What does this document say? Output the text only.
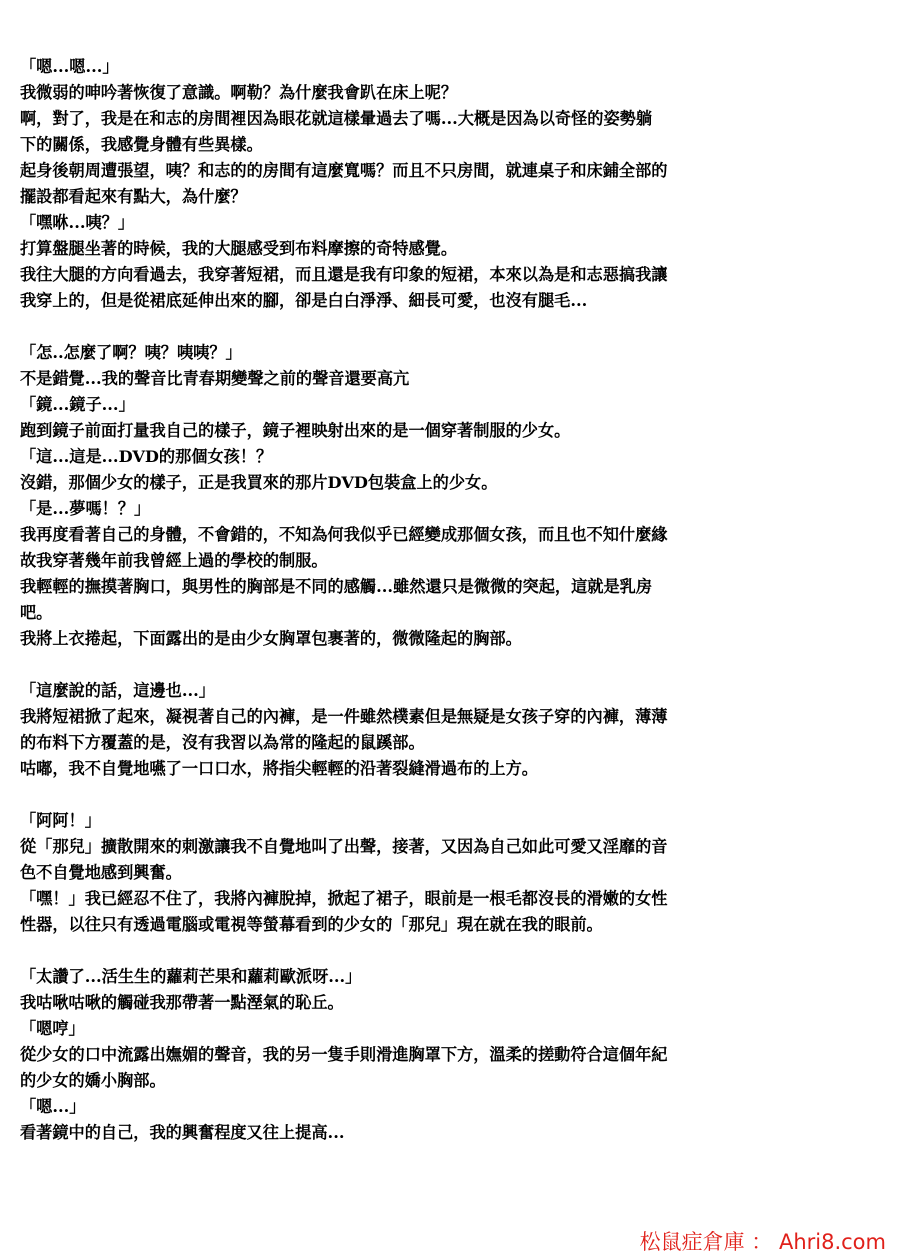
「嗯...嗯...」
我微弱的呻吟著恢復了意識。啊勒？為什麼我會趴在床上呢？
啊，對了，我是在和志的房間裡因為眼花就這樣暈過去了嗎...大概是因為以奇怪的姿勢躺
下的關係，我感覺身體有些異樣。
起身後朝周遭張望，咦？和志的的房間有這麼寬嗎？而且不只房間，就連桌子和床鋪全部的
擺設都看起來有點大，為什麼？
「嘿咻...咦？」
打算盤腿坐著的時候，我的大腿感受到布料摩擦的奇特感覺。
我往大腿的方向看過去，我穿著短裙，而且還是我有印象的短裙，本來以為是和志惡搞我讓
我穿上的，但是從裙底延伸出來的腳，卻是白白淨淨、細長可愛，也沒有腿毛...
「怎..怎麼了啊？咦？咦咦？」
不是錯覺...我的聲音比青春期變聲之前的聲音還要高亢
「鏡...鏡子...」
跑到鏡子前面打量我自己的樣子，鏡子裡映射出來的是一個穿著制服的少女。
「這...這是...DVD的那個女孩！？
沒錯，那個少女的樣子，正是我買來的那片DVD包裝盒上的少女。
「是...夢嗎！？」
我再度看著自己的身體，不會錯的，不知為何我似乎已經變成那個女孩，而且也不知什麼緣
故我穿著幾年前我曾經上過的學校的制服。
我輕輕的撫摸著胸口，與男性的胸部是不同的感觸...雖然還只是微微的突起，這就是乳房
吧。
我將上衣捲起，下面露出的是由少女胸罩包裹著的，微微隆起的胸部。
「這麼說的話，這邊也...」
我將短裙掀了起來，凝視著自己的內褲，是一件雖然樸素但是無疑是女孩子穿的內褲，薄薄
的布料下方覆蓋的是，沒有我習以為常的隆起的鼠蹊部。
咕嘟，我不自覺地嚥了一口口水，將指尖輕輕的沿著裂縫滑過布的上方。
「阿阿！」
從「那兒」擴散開來的刺激讓我不自覺地叫了出聲，接著，又因為自己如此可愛又淫靡的音
色不自覺地感到興奮。
「嘿！」我已經忍不住了，我將內褲脫掉，掀起了裙子，眼前是一根毛都沒長的滑嫩的女性
性器，以往只有透過電腦或電視等螢幕看到的少女的「那兒」現在就在我的眼前。
「太讚了...活生生的蘿莉芒果和蘿莉歐派呀...」
我咕啾咕啾的觸碰我那帶著一點溼氣的恥丘。
「嗯哼」
從少女的口中流露出嫵媚的聲音，我的另一隻手則滑進胸罩下方，溫柔的搓動符合這個年紀
的少女的嬌小胸部。
「嗯...」
看著鏡中的自己，我的興奮程度又往上提高...
松鼠症倉庫 ： Ahri8.com
